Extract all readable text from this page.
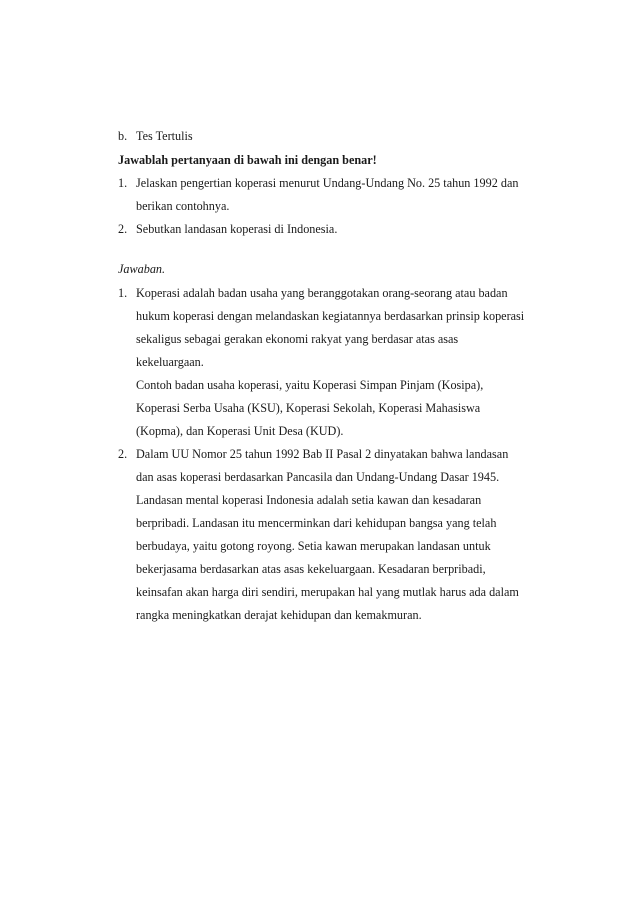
b. Tes Tertulis
Jawablah pertanyaan di bawah ini dengan benar!
1. Jelaskan pengertian koperasi menurut Undang-Undang No. 25 tahun 1992 dan
berikan contohnya.
2. Sebutkan landasan koperasi di Indonesia.
Jawaban.
1. Koperasi adalah badan usaha yang beranggotakan orang-seorang atau badan
hukum koperasi dengan melandaskan kegiatannya berdasarkan prinsip koperasi
sekaligus sebagai gerakan ekonomi rakyat yang berdasar atas asas
kekeluargaan.
Contoh badan usaha koperasi, yaitu Koperasi Simpan Pinjam (Kosipa),
Koperasi Serba Usaha (KSU), Koperasi Sekolah, Koperasi Mahasiswa
(Kopma), dan Koperasi Unit Desa (KUD).
2. Dalam UU Nomor 25 tahun 1992 Bab II Pasal 2 dinyatakan bahwa landasan
dan asas koperasi berdasarkan Pancasila dan Undang-Undang Dasar 1945.
Landasan mental koperasi Indonesia adalah setia kawan dan kesadaran
berpribadi. Landasan itu mencerminkan dari kehidupan bangsa yang telah
berbudaya, yaitu gotong royong. Setia kawan merupakan landasan untuk
bekerjasama berdasarkan atas asas kekeluargaan. Kesadaran berpribadi,
keinsafan akan harga diri sendiri, merupakan hal yang mutlak harus ada dalam
rangka meningkatkan derajat kehidupan dan kemakmuran.
